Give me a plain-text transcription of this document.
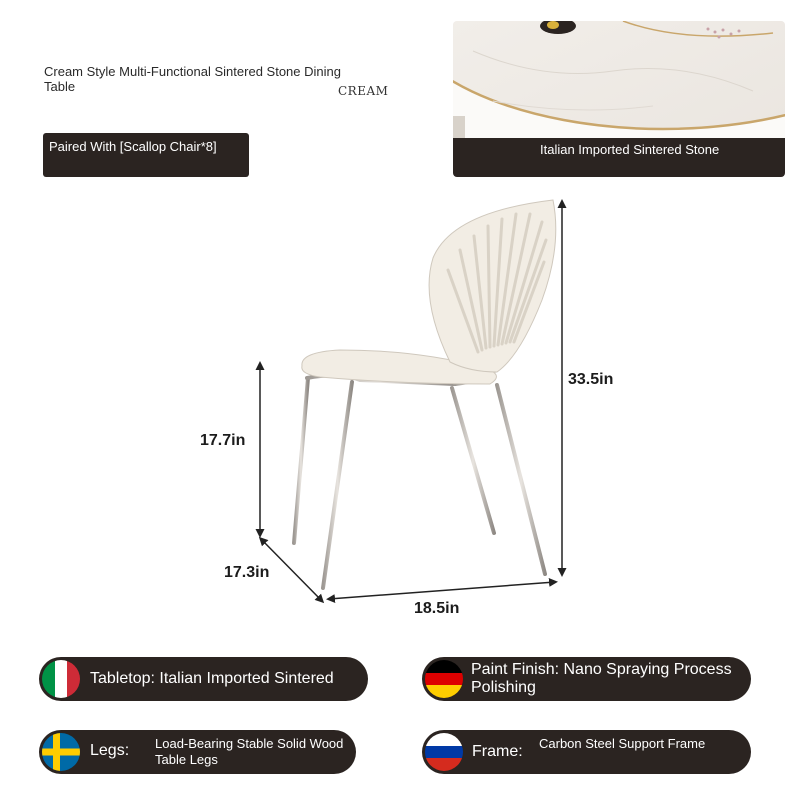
Cream Style Multi-Functional Sintered Stone Dining Table	CREAM
Paired With [Scallop Chair*8]	Italian Imported Sintered Stone
17.7in
33.5in
17.3in
18.5in
Tabletop: Italian Imported Sintered
Paint Finish: Nano Spraying Process Polishing
Legs: Load-Bearing Stable Solid Wood Table Legs	Frame: Carbon Steel Support Frame
